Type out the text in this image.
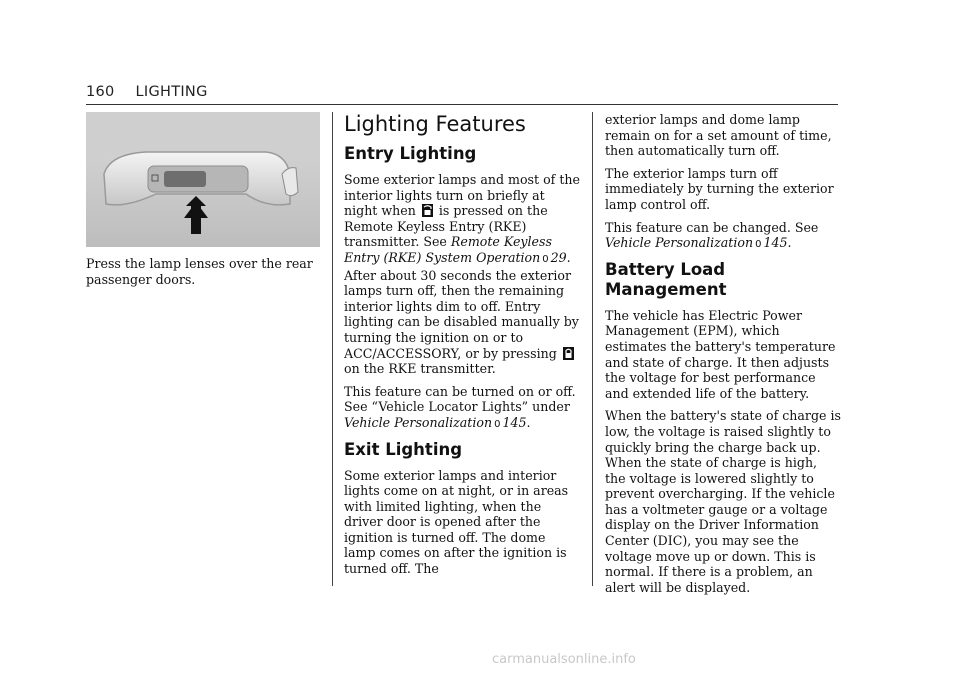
160 LIGHTING

Press the lamp lenses over the rear passenger doors.

Lighting Features
Entry Lighting

Some exterior lamps and most of the interior lights turn on briefly at night when is pressed on the Remote Keyless Entry (RKE) transmitter. See Remote Keyless Entry (RKE) System Operation 0 29. After about 30 seconds the exterior lamps turn off, then the remaining interior lights dim to off. Entry lighting can be disabled manually by turning the ignition on or to ACC/ACCESSORY, or by pressing  on the RKE transmitter.

This feature can be turned on or off. See “Vehicle Locator Lights” under Vehicle Personalization 0 145.

Exit Lighting

Some exterior lamps and interior lights come on at night, or in areas with limited lighting, when the driver door is opened after the ignition is turned off. The dome lamp comes on after the ignition is turned off. The

exterior lamps and dome lamp remain on for a set amount of time, then automatically turn off.

The exterior lamps turn off immediately by turning the exterior lamp control off.

This feature can be changed. See
Vehicle Personalization 0 145.

Battery Load Management

The vehicle has Electric Power Management (EPM), which estimates the battery's temperature and state of charge. It then adjusts the voltage for best performance and extended life of the battery.

When the battery's state of charge is low, the voltage is raised slightly to quickly bring the charge back up. When the state of charge is high, the voltage is lowered slightly to prevent overcharging. If the vehicle has a voltmeter gauge or a voltage display on the Driver Information Center (DIC), you may see the voltage move up or down. This is normal. If there is a problem, an alert will be displayed.

carmanualsonline.info
